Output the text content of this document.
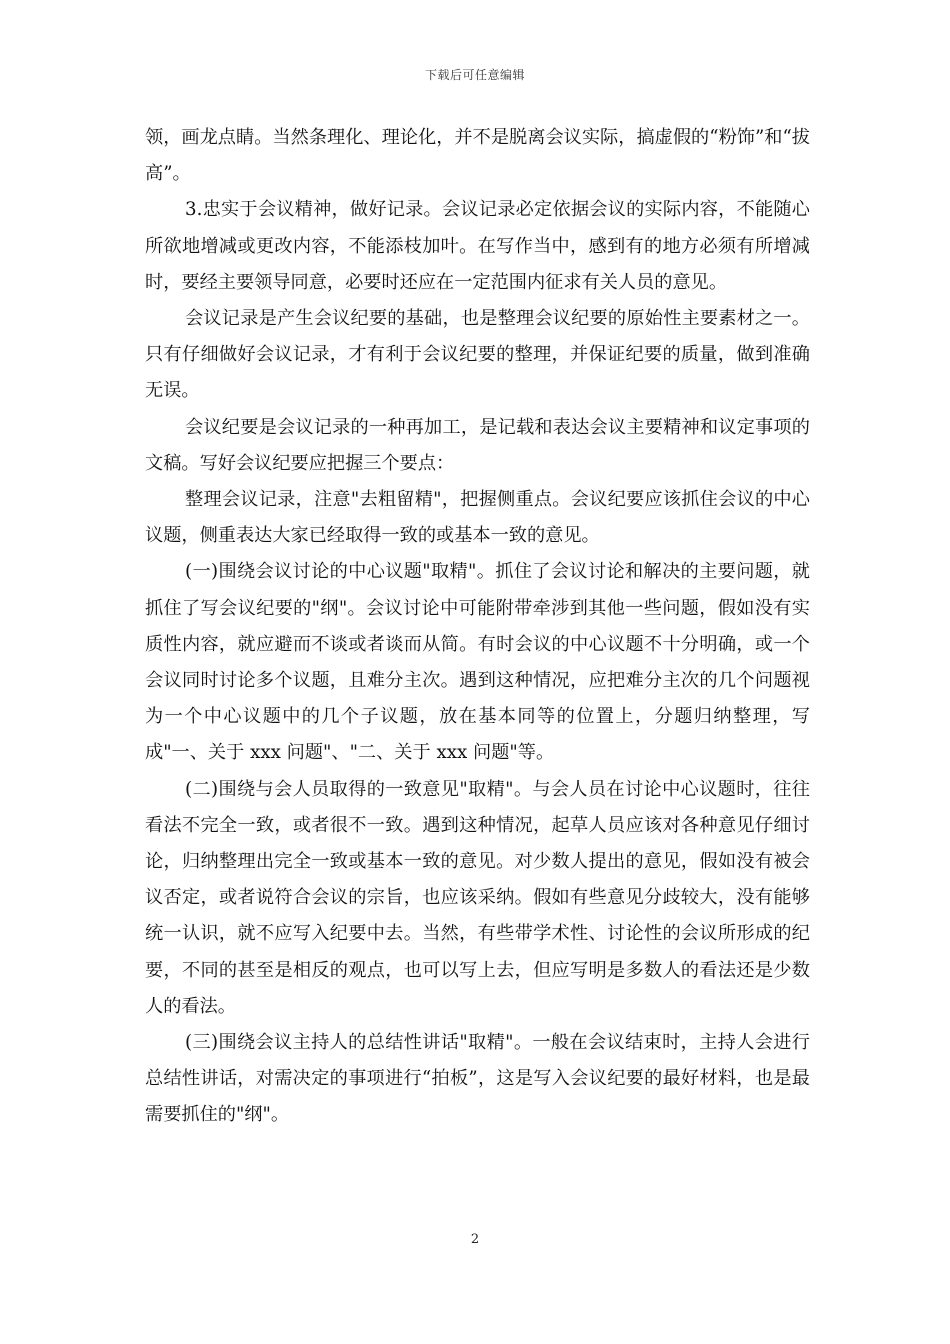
下载后可任意编辑

领，画龙点睛。当然条理化、理论化，并不是脱离会议实际，搞虚假的“粉饰”和“拔高”。

3.忠实于会议精神，做好记录。会议记录必定依据会议的实际内容，不能随心所欲地增减或更改内容，不能添枝加叶。在写作当中，感到有的地方必须有所增减时，要经主要领导同意，必要时还应在一定范围内征求有关人员的意见。

会议记录是产生会议纪要的基础，也是整理会议纪要的原始性主要素材之一。只有仔细做好会议记录，才有利于会议纪要的整理，并保证纪要的质量，做到准确无误。

会议纪要是会议记录的一种再加工，是记载和表达会议主要精神和议定事项的文稿。写好会议纪要应把握三个要点：

整理会议记录，注意"去粗留精"，把握侧重点。会议纪要应该抓住会议的中心议题，侧重表达大家已经取得一致的或基本一致的意见。

(一)围绕会议讨论的中心议题"取精"。抓住了会议讨论和解决的主要问题，就抓住了写会议纪要的"纲"。会议讨论中可能附带牵涉到其他一些问题，假如没有实质性内容，就应避而不谈或者谈而从简。有时会议的中心议题不十分明确，或一个会议同时讨论多个议题，且难分主次。遇到这种情况，应把难分主次的几个问题视为一个中心议题中的几个子议题，放在基本同等的位置上，分题归纳整理，写成"一、关于 xxx 问题"、"二、关于 xxx 问题"等。

(二)围绕与会人员取得的一致意见"取精"。与会人员在讨论中心议题时，往往看法不完全一致，或者很不一致。遇到这种情况，起草人员应该对各种意见仔细讨论，归纳整理出完全一致或基本一致的意见。对少数人提出的意见，假如没有被会议否定，或者说符合会议的宗旨，也应该采纳。假如有些意见分歧较大，没有能够统一认识，就不应写入纪要中去。当然，有些带学术性、讨论性的会议所形成的纪要，不同的甚至是相反的观点，也可以写上去，但应写明是多数人的看法还是少数人的看法。

(三)围绕会议主持人的总结性讲话"取精"。一般在会议结束时，主持人会进行总结性讲话，对需决定的事项进行“拍板”，这是写入会议纪要的最好材料，也是最需要抓住的"纲"。

2
